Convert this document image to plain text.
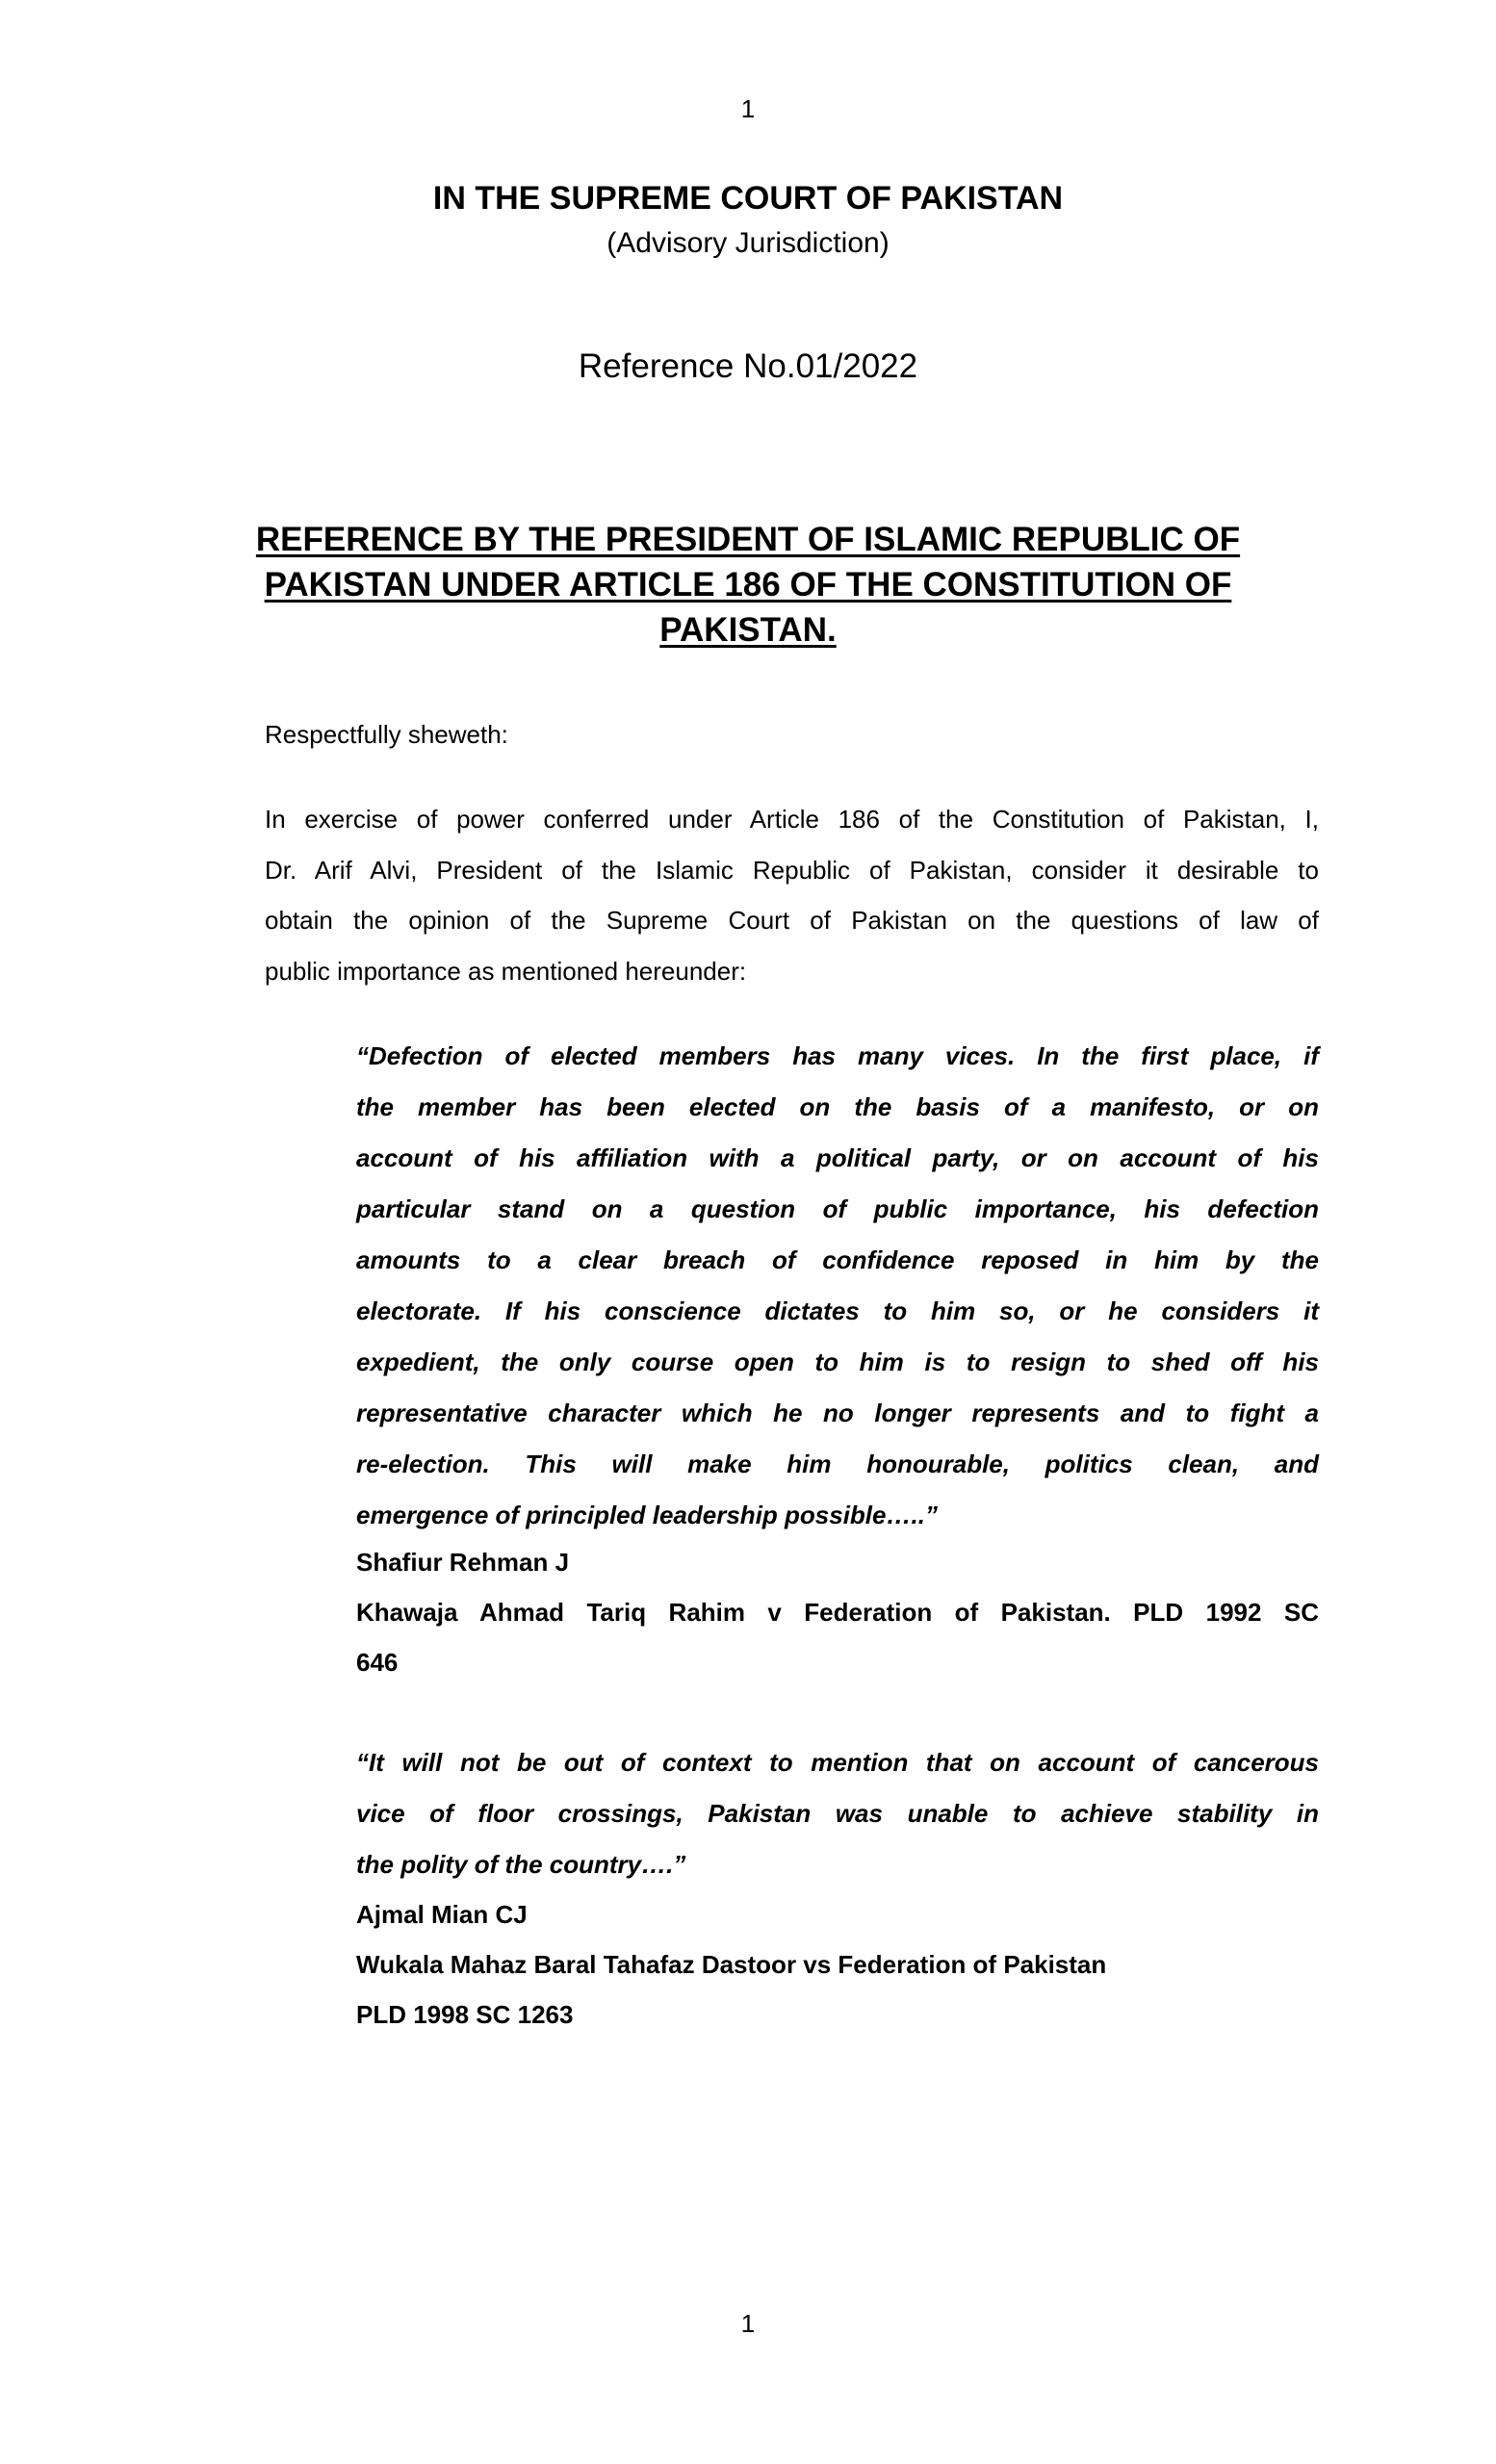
1
IN THE SUPREME COURT OF PAKISTAN
(Advisory Jurisdiction)
Reference No.01/2022
REFERENCE BY THE PRESIDENT OF ISLAMIC REPUBLIC OF
PAKISTAN UNDER ARTICLE 186 OF THE CONSTITUTION OF
PAKISTAN.
Respectfully sheweth:
In exercise of power conferred under Article 186 of the Constitution of Pakistan, I,
Dr. Arif Alvi, President of the Islamic Republic of Pakistan, consider it desirable to
obtain the opinion of the Supreme Court of Pakistan on the questions of law of
public importance as mentioned hereunder:
“Defection of elected members has many vices. In the first place, if
the member has been elected on the basis of a manifesto, or on
account of his affiliation with a political party, or on account of his
particular stand on a question of public importance, his defection
amounts to a clear breach of confidence reposed in him by the
electorate. If his conscience dictates to him so, or he considers it
expedient, the only course open to him is to resign to shed off his
representative character which he no longer represents and to fight a
re-election. This will make him honourable, politics clean, and
emergence of principled leadership possible…..”
Shafiur Rehman J
Khawaja Ahmad Tariq Rahim v Federation of Pakistan. PLD 1992 SC
646
“It will not be out of context to mention that on account of cancerous
vice of floor crossings, Pakistan was unable to achieve stability in
the polity of the country….”
Ajmal Mian CJ
Wukala Mahaz Baral Tahafaz Dastoor vs Federation of Pakistan
PLD 1998 SC 1263
1
